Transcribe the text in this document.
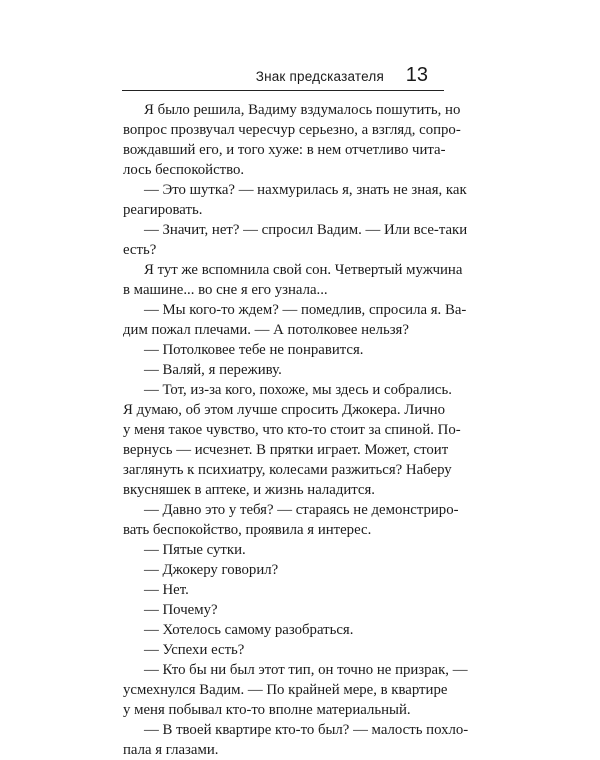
Знак предсказателя 13
Я было решила, Вадиму вздумалось пошутить, но
вопрос прозвучал чересчур серьезно, а взгляд, сопро-
вождавший его, и того хуже: в нем отчетливо чита-
лось беспокойство.
— Это шутка? — нахмурилась я, знать не зная, как
реагировать.
— Значит, нет? — спросил Вадим. — Или все-таки
есть?
Я тут же вспомнила свой сон. Четвертый мужчина
в машине... во сне я его узнала...
— Мы кого-то ждем? — помедлив, спросила я. Ва-
дим пожал плечами. — А потолковее нельзя?
— Потолковее тебе не понравится.
— Валяй, я переживу.
— Тот, из-за кого, похоже, мы здесь и собрались.
Я думаю, об этом лучше спросить Джокера. Лично
у меня такое чувство, что кто-то стоит за спиной. По-
вернусь — исчезнет. В прятки играет. Может, стоит
заглянуть к психиатру, колесами разжиться? Наберу
вкусняшек в аптеке, и жизнь наладится.
— Давно это у тебя? — стараясь не демонстриро-
вать беспокойство, проявила я интерес.
— Пятые сутки.
— Джокеру говорил?
— Нет.
— Почему?
— Хотелось самому разобраться.
— Успехи есть?
— Кто бы ни был этот тип, он точно не призрак, —
усмехнулся Вадим. — По крайней мере, в квартире
у меня побывал кто-то вполне материальный.
— В твоей квартире кто-то был? — малость похло-
пала я глазами.
